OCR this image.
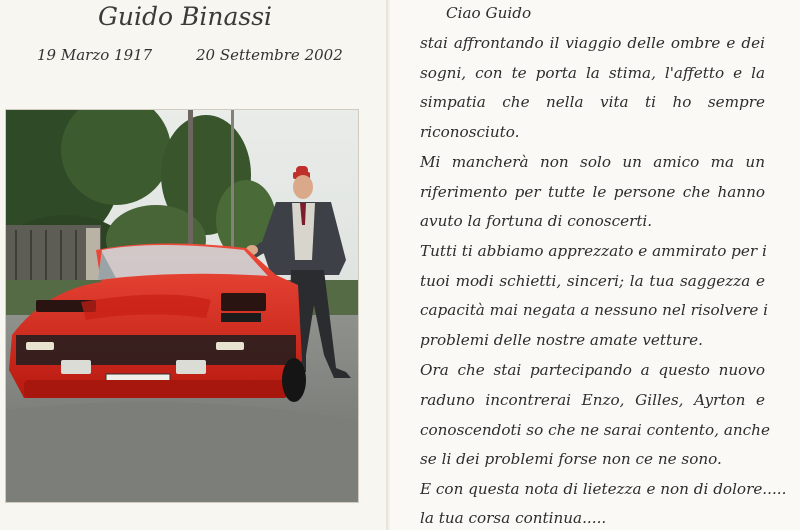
Guido Binassi
19 Marzo 1917	20 Settembre 2002
Ciao Guido
stai affrontando il viaggio delle ombre e dei
sogni, con te porta la stima, l'affetto e la
simpatia che nella vita ti ho sempre
riconosciuto.
Mi mancherà non solo un amico ma un
riferimento per tutte le persone che hanno
avuto la fortuna di conoscerti.
Tutti ti abbiamo apprezzato e ammirato per i
tuoi modi schietti, sinceri; la tua saggezza e
capacità mai negata a nessuno nel risolvere i
problemi delle nostre amate vetture.
Ora che stai partecipando a questo nuovo
raduno incontrerai Enzo, Gilles, Ayrton e
conoscendoti so che ne sarai contento, anche
se li dei problemi forse non ce ne sono.
E con questa nota di lietezza e non di dolore.....
la tua corsa continua.....
